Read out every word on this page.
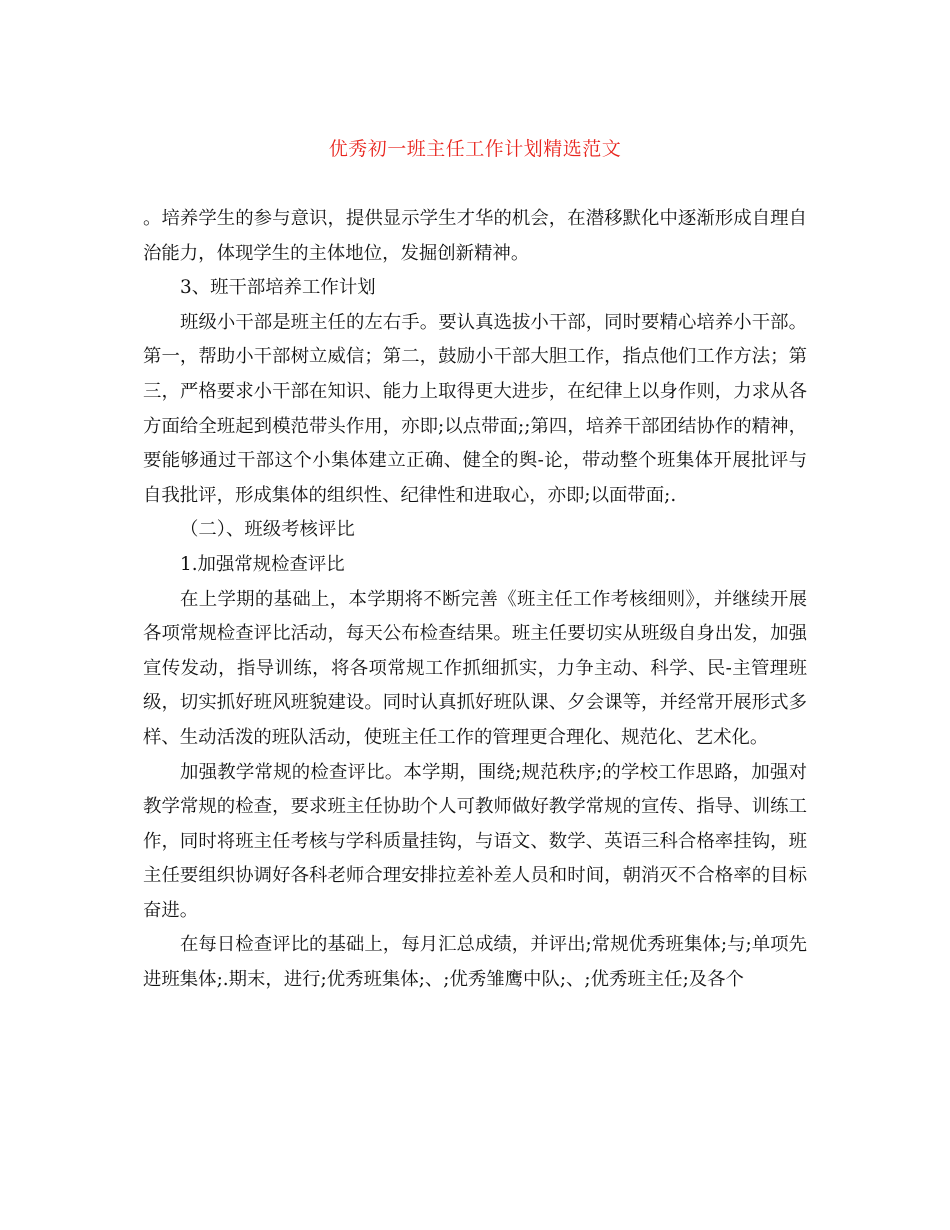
优秀初一班主任工作计划精选范文

。培养学生的参与意识，提供显示学生才华的机会，在潜移默化中逐渐形成自理自治能力，体现学生的主体地位，发掘创新精神。

3、班干部培养工作计划

班级小干部是班主任的左右手。要认真选拔小干部，同时要精心培养小干部。第一，帮助小干部树立威信；第二，鼓励小干部大胆工作，指点他们工作方法；第三，严格要求小干部在知识、能力上取得更大进步，在纪律上以身作则，力求从各方面给全班起到模范带头作用，亦即;以点带面;;第四，培养干部团结协作的精神，要能够通过干部这个小集体建立正确、健全的舆-论，带动整个班集体开展批评与自我批评，形成集体的组织性、纪律性和进取心，亦即;以面带面;.

（二）、班级考核评比

1.加强常规检查评比

在上学期的基础上，本学期将不断完善《班主任工作考核细则》，并继续开展各项常规检查评比活动，每天公布检查结果。班主任要切实从班级自身出发，加强宣传发动，指导训练，将各项常规工作抓细抓实，力争主动、科学、民-主管理班级，切实抓好班风班貌建设。同时认真抓好班队课、夕会课等，并经常开展形式多样、生动活泼的班队活动，使班主任工作的管理更合理化、规范化、艺术化。

加强教学常规的检查评比。本学期，围绕;规范秩序;的学校工作思路，加强对教学常规的检查，要求班主任协助个人可教师做好教学常规的宣传、指导、训练工作，同时将班主任考核与学科质量挂钩，与语文、数学、英语三科合格率挂钩，班主任要组织协调好各科老师合理安排拉差补差人员和时间，朝消灭不合格率的目标奋进。

在每日检查评比的基础上，每月汇总成绩，并评出;常规优秀班集体;与;单项先进班集体;.期末，进行;优秀班集体;、;优秀雏鹰中队;、;优秀班主任;及各个
